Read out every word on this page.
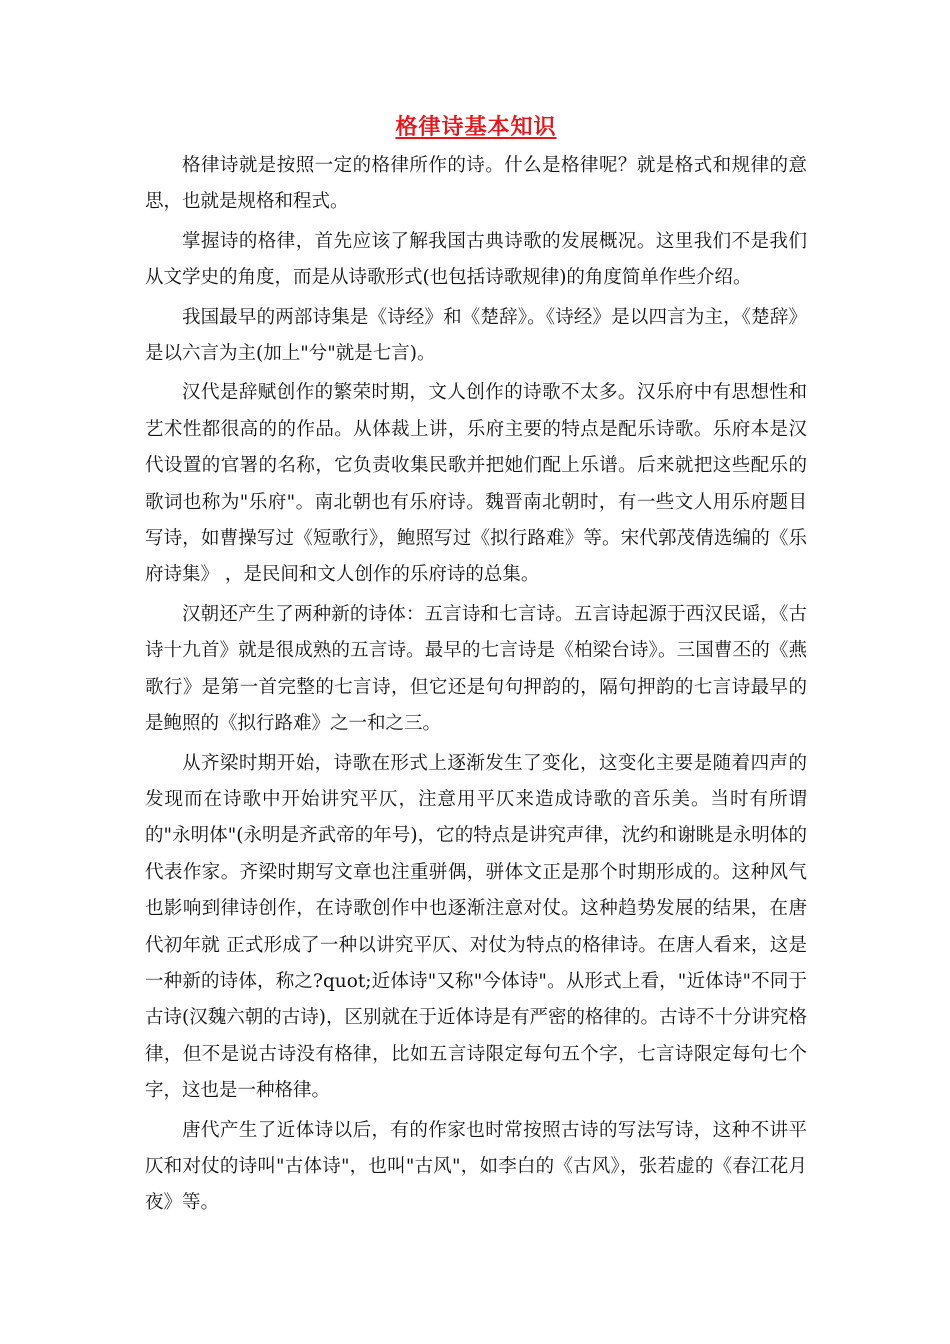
格律诗基本知识

格律诗就是按照一定的格律所作的诗。什么是格律呢？就是格式和规律的意思，也就是规格和程式。

掌握诗的格律，首先应该了解我国古典诗歌的发展概况。这里我们不是我们从文学史的角度，而是从诗歌形式(也包括诗歌规律)的角度简单作些介绍。

我国最早的两部诗集是《诗经》和《楚辞》。《诗经》是以四言为主，《楚辞》是以六言为主(加上"兮"就是七言)。

汉代是辞赋创作的繁荣时期，文人创作的诗歌不太多。汉乐府中有思想性和艺术性都很高的的作品。从体裁上讲，乐府主要的特点是配乐诗歌。乐府本是汉代设置的官署的名称，它负责收集民歌并把她们配上乐谱。后来就把这些配乐的歌词也称为"乐府"。南北朝也有乐府诗。魏晋南北朝时，有一些文人用乐府题目写诗，如曹操写过《短歌行》，鲍照写过《拟行路难》等。宋代郭茂倩选编的《乐府诗集》 ，是民间和文人创作的乐府诗的总集。

汉朝还产生了两种新的诗体：五言诗和七言诗。五言诗起源于西汉民谣，《古诗十九首》就是很成熟的五言诗。最早的七言诗是《柏梁台诗》。三国曹丕的《燕歌行》是第一首完整的七言诗，但它还是句句押韵的，隔句押韵的七言诗最早的是鲍照的《拟行路难》之一和之三。

从齐梁时期开始，诗歌在形式上逐渐发生了变化，这变化主要是随着四声的发现而在诗歌中开始讲究平仄，注意用平仄来造成诗歌的音乐美。当时有所谓的"永明体"(永明是齐武帝的年号)，它的特点是讲究声律，沈约和谢眺是永明体的代表作家。齐梁时期写文章也注重骈偶，骈体文正是那个时期形成的。这种风气也影响到律诗创作，在诗歌创作中也逐渐注意对仗。这种趋势发展的结果，在唐代初年就 正式形成了一种以讲究平仄、对仗为特点的格律诗。在唐人看来，这是一种新的诗体，称之?quot;近体诗"又称"今体诗"。从形式上看，"近体诗"不同于古诗(汉魏六朝的古诗)，区别就在于近体诗是有严密的格律的。古诗不十分讲究格律，但不是说古诗没有格律，比如五言诗限定每句五个字，七言诗限定每句七个字，这也是一种格律。

唐代产生了近体诗以后，有的作家也时常按照古诗的写法写诗，这种不讲平仄和对仗的诗叫"古体诗"，也叫"古风"，如李白的《古风》，张若虚的《春江花月夜》等。
